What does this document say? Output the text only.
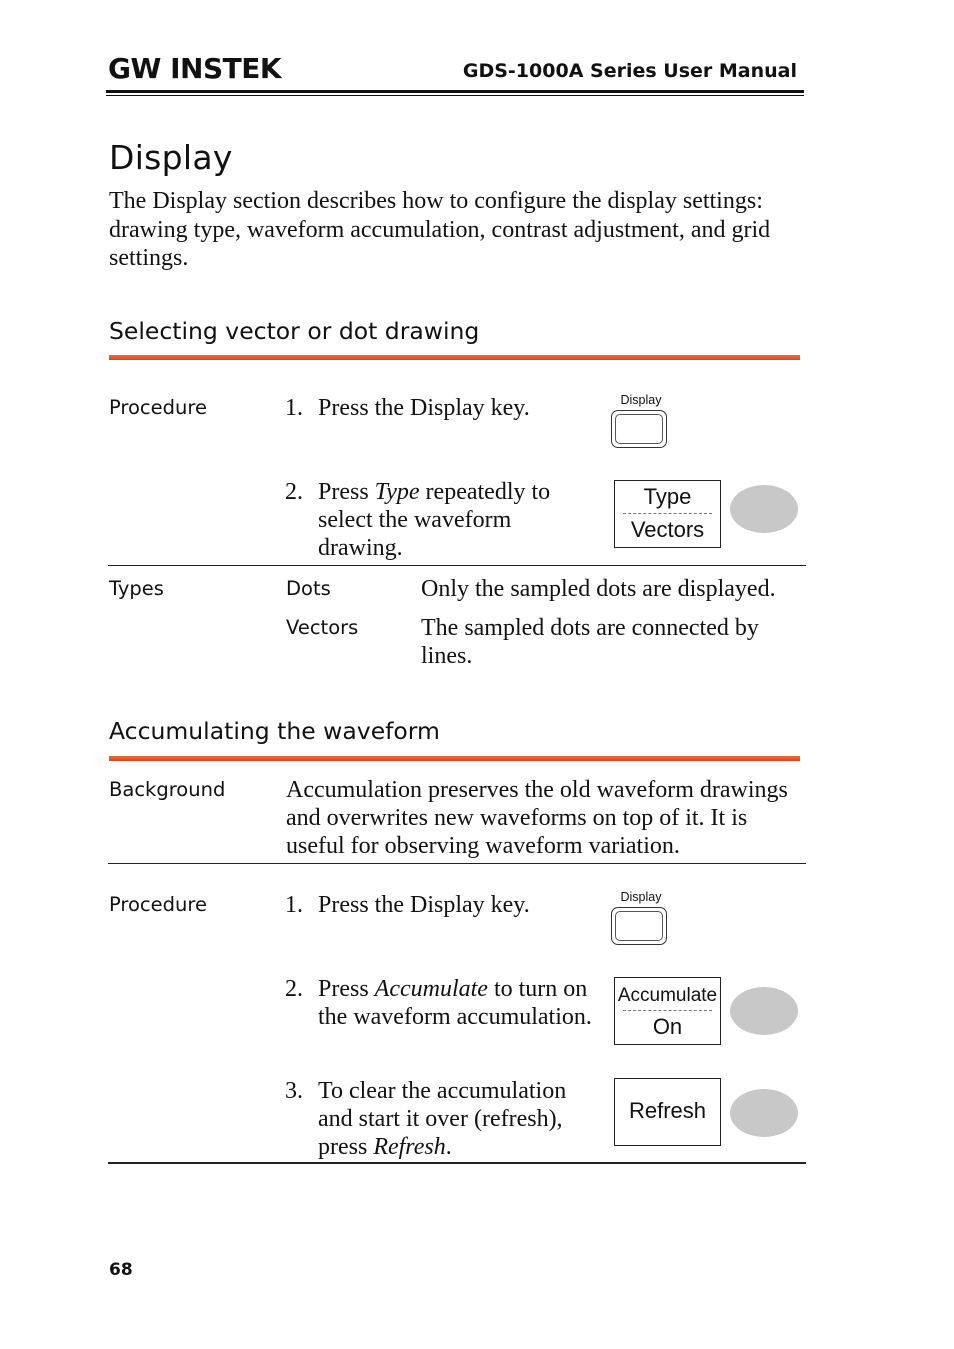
GW INSTEK	GDS-1000A Series User Manual
Display
The Display section describes how to configure the display settings: drawing type, waveform accumulation, contrast adjustment, and grid settings.
Selecting vector or dot drawing
Procedure	1. Press the Display key.	Display
2. Press Type repeatedly to select the waveform drawing.
Type
Vectors
Types	Dots	Only the sampled dots are displayed.
Vectors	The sampled dots are connected by lines.
Accumulating the waveform
Background	Accumulation preserves the old waveform drawings and overwrites new waveforms on top of it. It is useful for observing waveform variation.
Procedure	1. Press the Display key.	Display
2. Press Accumulate to turn on the waveform accumulation.
Accumulate
On
3. To clear the accumulation and start it over (refresh), press Refresh.
Refresh
68
